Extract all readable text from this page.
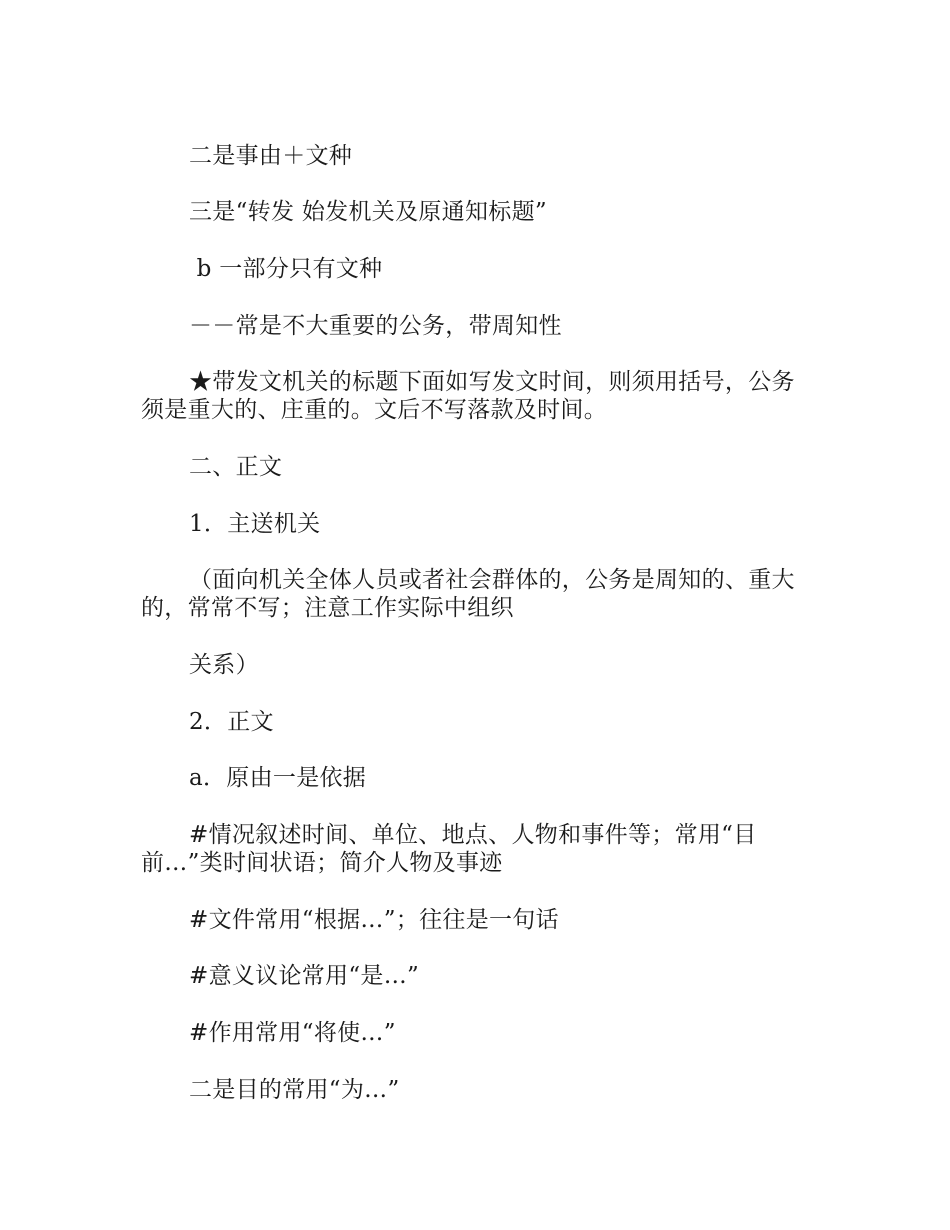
二是事由＋文种

三是“转发 始发机关及原通知标题”

b 一部分只有文种

－－常是不大重要的公务，带周知性

★带发文机关的标题下面如写发文时间，则须用括号，公务须是重大的、庄重的。文后不写落款及时间。

二、正文

1．主送机关

（面向机关全体人员或者社会群体的，公务是周知的、重大的，常常不写；注意工作实际中组织

关系）

2．正文

a．原由一是依据

#情况叙述时间、单位、地点、人物和事件等；常用“目前…”类时间状语；简介人物及事迹

#文件常用“根据…”；往往是一句话

#意义议论常用“是…”

#作用常用“将使…”

二是目的常用“为…”
